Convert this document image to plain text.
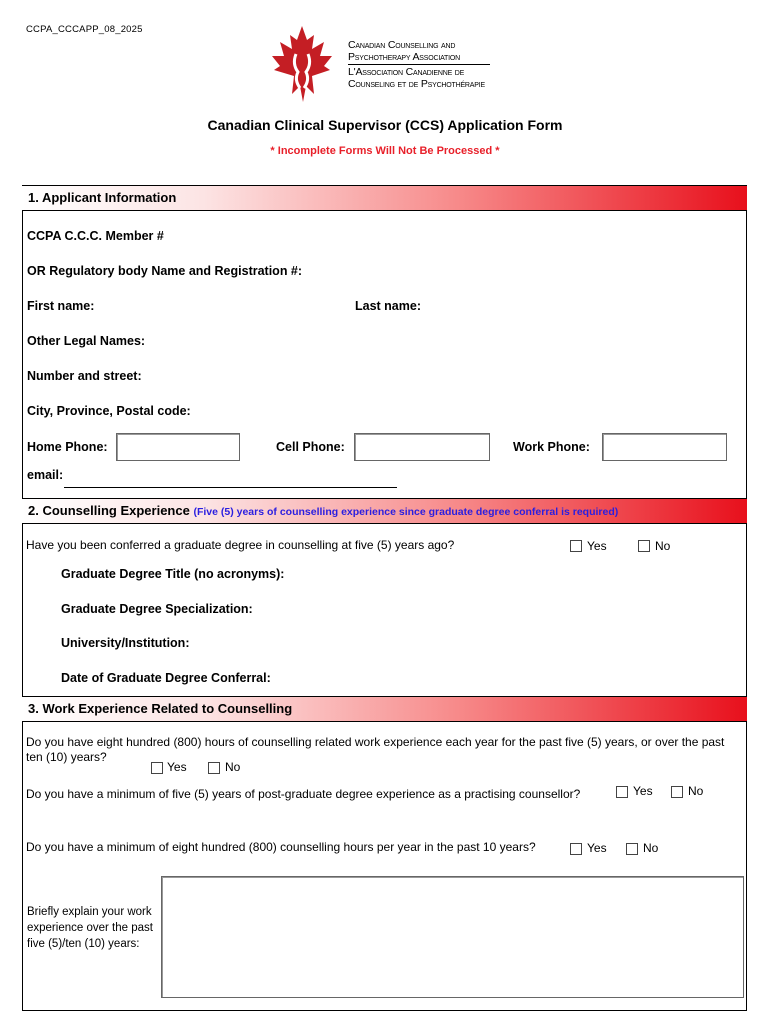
CCPA_CCCAPP_08_2025
Canadian Counselling and
Psychotherapy Association
L'Association Canadienne de
Counseling et de Psychothérapie
Canadian Clinical Supervisor (CCS) Application Form
* Incomplete Forms Will Not Be Processed *
1. Applicant Information
CCPA C.C.C. Member #
OR Regulatory body Name and Registration #:
First name:	Last name:
Other Legal Names:
Number and street:
City, Province, Postal code:
Home Phone:	Cell Phone:	Work Phone:
email:
2. Counselling Experience (Five (5) years of counselling experience since graduate degree conferral is required)
Have you been conferred a graduate degree in counselling at five (5) years ago?	Yes	No
Graduate Degree Title (no acronyms):
Graduate Degree Specialization:
University/Institution:
Date of Graduate Degree Conferral:
3. Work Experience Related to Counselling
Do you have eight hundred (800) hours of counselling related work experience each year for the past five (5) years, or over the past ten (10) years?
Yes	No
Do you have a minimum of five (5) years of post-graduate degree experience as a practising counsellor?	Yes	No
Do you have a minimum of eight hundred (800) counselling hours per year in the past 10 years?	Yes	No
Briefly explain your work experience over the past five (5)/ten (10) years:
